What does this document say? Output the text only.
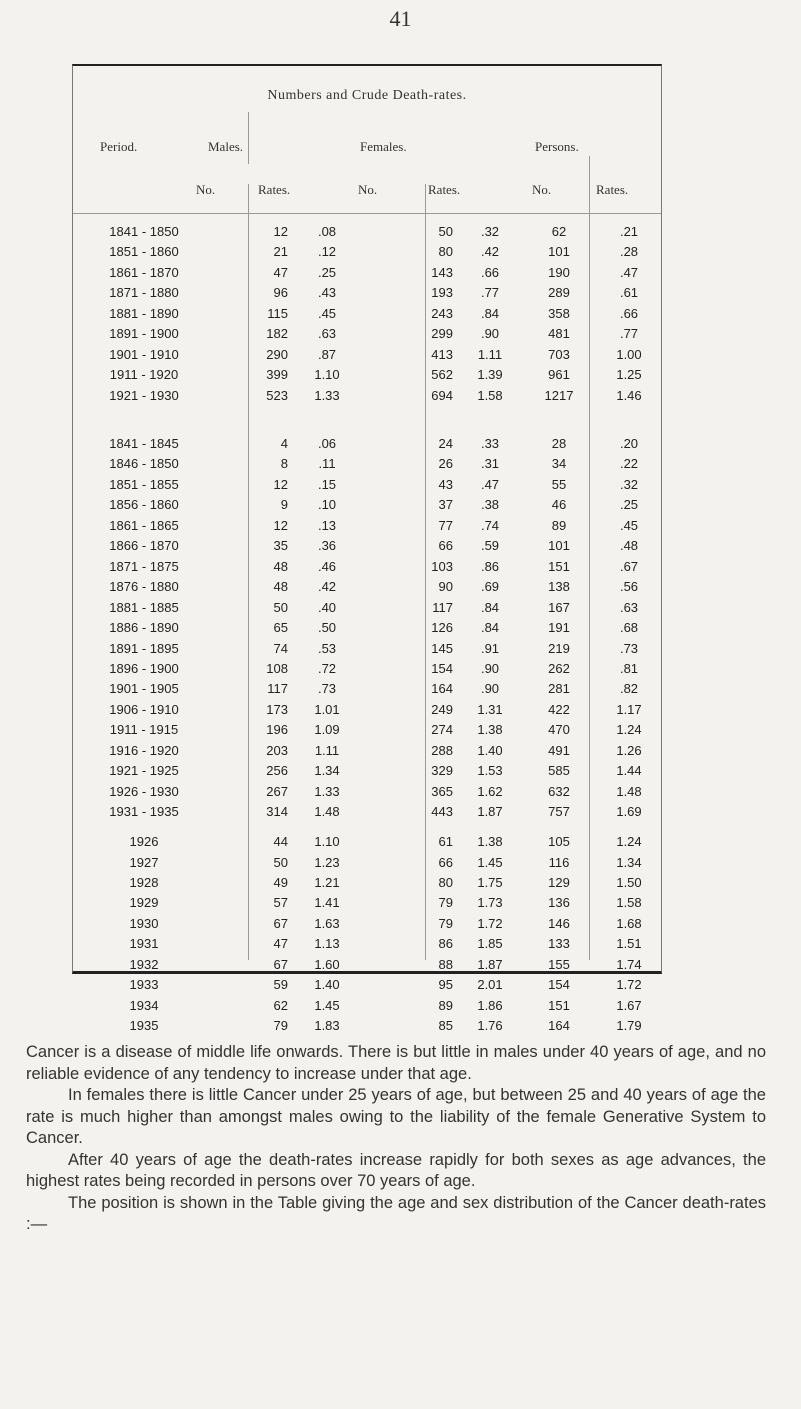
41
Numbers and Crude Death-rates.
Period.	Males.	Females.	Persons.
No.	Rates.	No.	Rates.	No.	Rates.
1841 - 1850	12	.08	50	.32	62	.21
1851 - 1860	21	.12	80	.42	101	.28
1861 - 1870	47	.25	143	.66	190	.47
1871 - 1880	96	.43	193	.77	289	.61
1881 - 1890	115	.45	243	.84	358	.66
1891 - 1900	182	.63	299	.90	481	.77
1901 - 1910	290	.87	413	1.11	703	1.00
1911 - 1920	399	1.10	562	1.39	961	1.25
1921 - 1930	523	1.33	694	1.58	1217	1.46
1841 - 1845	4	.06	24	.33	28	.20
1846 - 1850	8	.11	26	.31	34	.22
1851 - 1855	12	.15	43	.47	55	.32
1856 - 1860	9	.10	37	.38	46	.25
1861 - 1865	12	.13	77	.74	89	.45
1866 - 1870	35	.36	66	.59	101	.48
1871 - 1875	48	.46	103	.86	151	.67
1876 - 1880	48	.42	90	.69	138	.56
1881 - 1885	50	.40	117	.84	167	.63
1886 - 1890	65	.50	126	.84	191	.68
1891 - 1895	74	.53	145	.91	219	.73
1896 - 1900	108	.72	154	.90	262	.81
1901 - 1905	117	.73	164	.90	281	.82
1906 - 1910	173	1.01	249	1.31	422	1.17
1911 - 1915	196	1.09	274	1.38	470	1.24
1916 - 1920	203	1.11	288	1.40	491	1.26
1921 - 1925	256	1.34	329	1.53	585	1.44
1926 - 1930	267	1.33	365	1.62	632	1.48
1931 - 1935	314	1.48	443	1.87	757	1.69
1926	44	1.10	61	1.38	105	1.24
1927	50	1.23	66	1.45	116	1.34
1928	49	1.21	80	1.75	129	1.50
1929	57	1.41	79	1.73	136	1.58
1930	67	1.63	79	1.72	146	1.68
1931	47	1.13	86	1.85	133	1.51
1932	67	1.60	88	1.87	155	1.74
1933	59	1.40	95	2.01	154	1.72
1934	62	1.45	89	1.86	151	1.67
1935	79	1.83	85	1.76	164	1.79

Cancer is a disease of middle life onwards. There is but little in males under 40 years of age, and no reliable evidence of any tendency to increase under that age.

In females there is little Cancer under 25 years of age, but between 25 and 40 years of age the rate is much higher than amongst males owing to the liability of the female Generative System to Cancer.

After 40 years of age the death-rates increase rapidly for both sexes as age advances, the highest rates being recorded in persons over 70 years of age.

The position is shown in the Table giving the age and sex distribution of the Cancer death-rates :—
